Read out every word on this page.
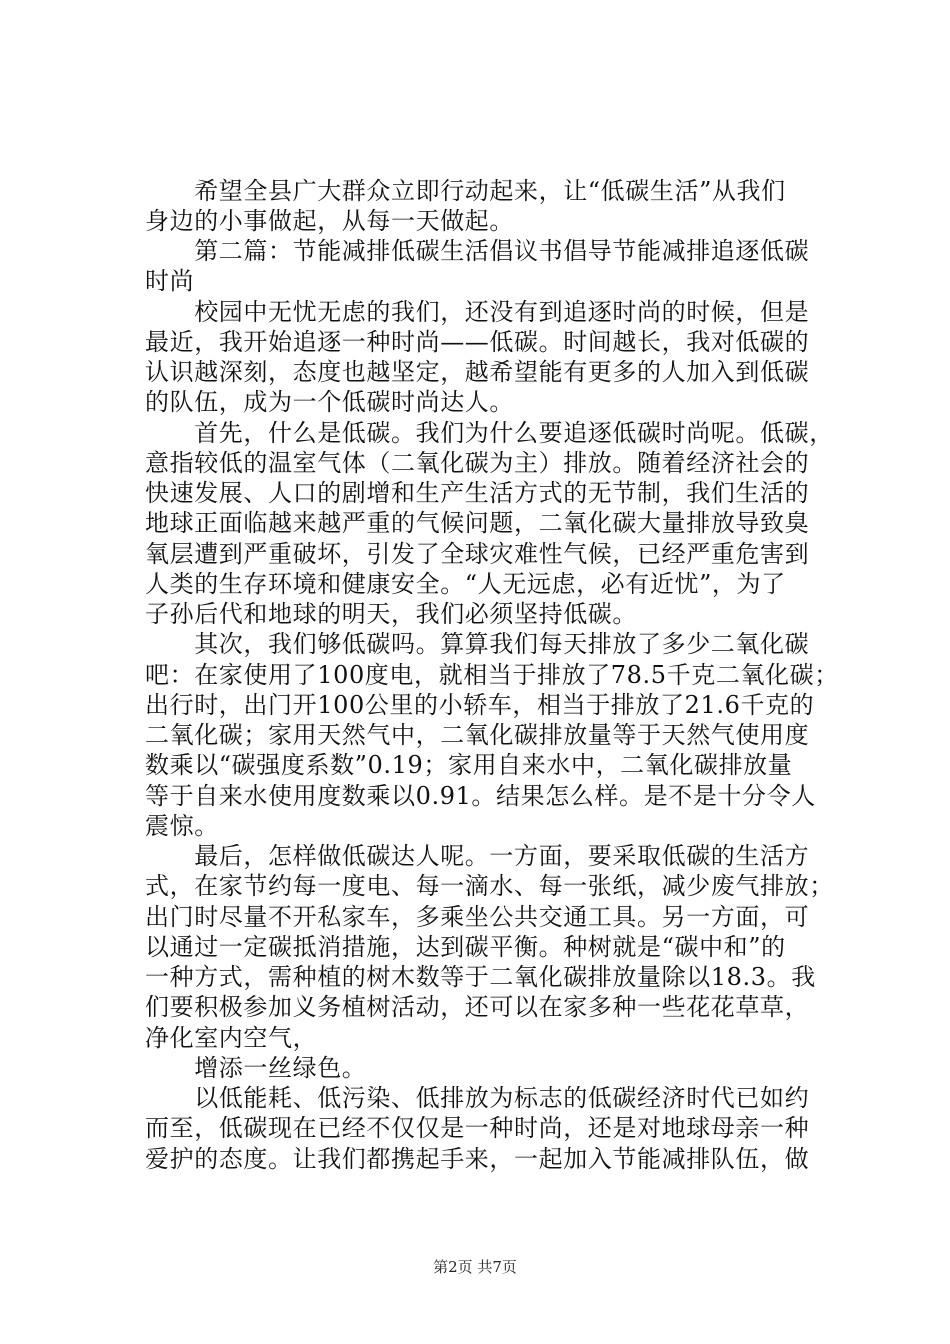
　　希望全县广大群众立即行动起来，让“低碳生活”从我们
身边的小事做起，从每一天做起。
　　第二篇：节能减排低碳生活倡议书倡导节能减排追逐低碳
时尚
　　校园中无忧无虑的我们，还没有到追逐时尚的时候，但是
最近，我开始追逐一种时尚——低碳。时间越长，我对低碳的
认识越深刻，态度也越坚定，越希望能有更多的人加入到低碳
的队伍，成为一个低碳时尚达人。
　　首先，什么是低碳。我们为什么要追逐低碳时尚呢。低碳，
意指较低的温室气体（二氧化碳为主）排放。随着经济社会的
快速发展、人口的剧增和生产生活方式的无节制，我们生活的
地球正面临越来越严重的气候问题，二氧化碳大量排放导致臭
氧层遭到严重破坏，引发了全球灾难性气候，已经严重危害到
人类的生存环境和健康安全。“人无远虑，必有近忧”，为了
子孙后代和地球的明天，我们必须坚持低碳。
　　其次，我们够低碳吗。算算我们每天排放了多少二氧化碳
吧：在家使用了100度电，就相当于排放了78.5千克二氧化碳；
出行时，出门开100公里的小轿车，相当于排放了21.6千克的
二氧化碳；家用天然气中，二氧化碳排放量等于天然气使用度
数乘以“碳强度系数”0.19；家用自来水中，二氧化碳排放量
等于自来水使用度数乘以0.91。结果怎么样。是不是十分令人
震惊。
　　最后，怎样做低碳达人呢。一方面，要采取低碳的生活方
式，在家节约每一度电、每一滴水、每一张纸，减少废气排放；
出门时尽量不开私家车，多乘坐公共交通工具。另一方面，可
以通过一定碳抵消措施，达到碳平衡。种树就是“碳中和”的
一种方式，需种植的树木数等于二氧化碳排放量除以18.3。我
们要积极参加义务植树活动，还可以在家多种一些花花草草，
净化室内空气，
　　增添一丝绿色。
　　以低能耗、低污染、低排放为标志的低碳经济时代已如约
而至，低碳现在已经不仅仅是一种时尚，还是对地球母亲一种
爱护的态度。让我们都携起手来，一起加入节能减排队伍，做
第2页 共7页
